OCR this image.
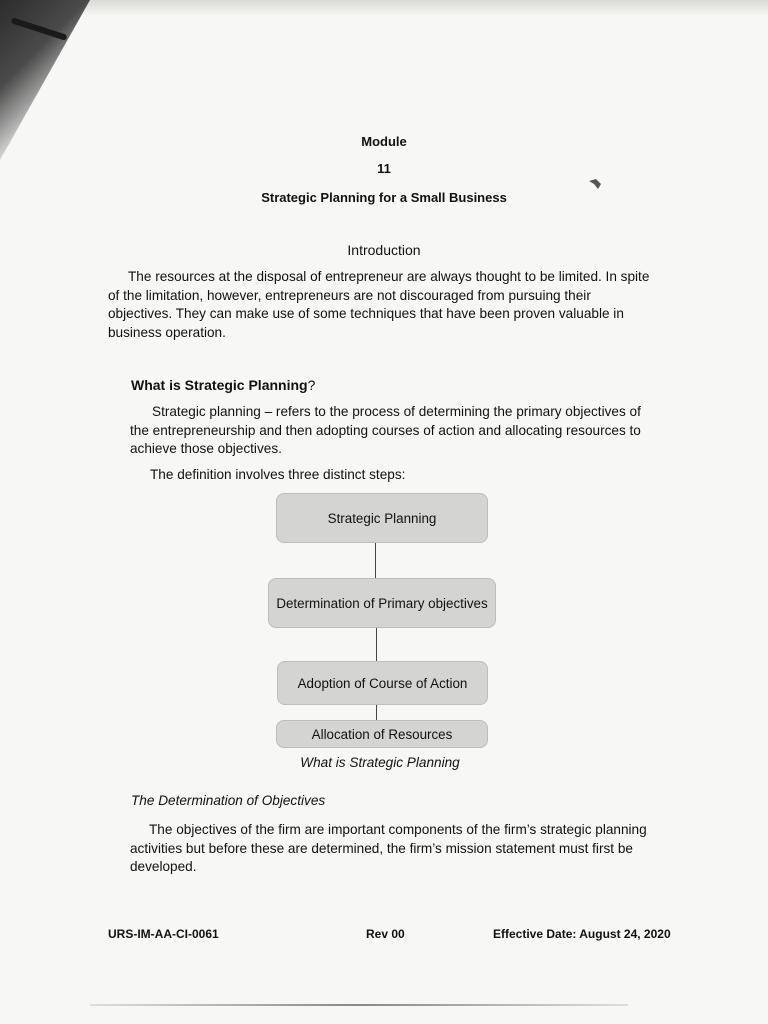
Module
11
Strategic Planning for a Small Business
Introduction

The resources at the disposal of entrepreneur are always thought to be limited. In spite of the limitation, however, entrepreneurs are not discouraged from pursuing their objectives. They can make use of some techniques that have been proven valuable in business operation.

What is Strategic Planning?

Strategic planning – refers to the process of determining the primary objectives of the entrepreneurship and then adopting courses of action and allocating resources to achieve those objectives.

The definition involves three distinct steps:
Strategic Planning
Determination of Primary objectives
Adoption of Course of Action
Allocation of Resources
What is Strategic Planning
The Determination of Objectives

The objectives of the firm are important components of the firm’s strategic planning activities but before these are determined, the firm’s mission statement must first be developed.

URS-IM-AA-CI-0061	Rev 00	Effective Date: August 24, 2020
